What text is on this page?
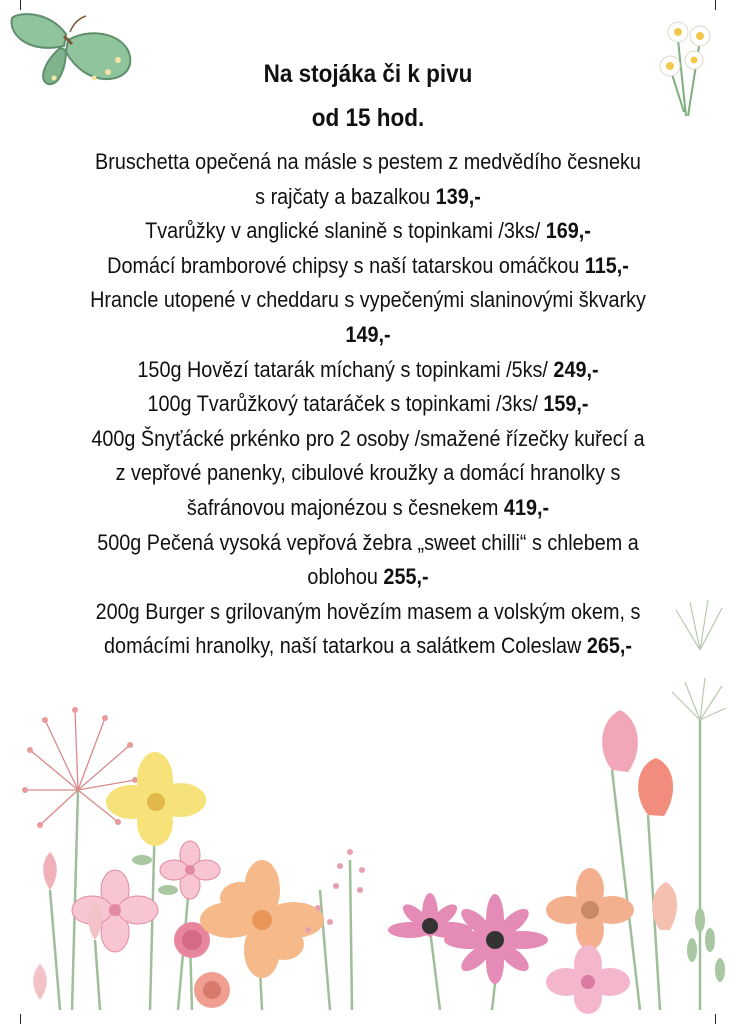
Na stojáka či k pivu
od 15 hod.
Bruschetta opečená na másle s pestem z medvědího česneku
s rajčaty a bazalkou 139,-
Tvarůžky v anglické slanině s topinkami /3ks/ 169,-
Domácí bramborové chipsy s naší tatarskou omáčkou 115,-
Hrancle utopené v cheddaru s vypečenými slaninovými škvarky
149,-
150g Hovězí tatarák míchaný s topinkami /5ks/ 249,-
100g Tvarůžkový tataráček s topinkami /3ks/ 159,-
400g Šnyťácké prkénko pro 2 osoby /smažené řízečky kuřecí a
z vepřové panenky, cibulové kroužky a domácí hranolky s
šafránovou majonézou s česnekem 419,-
500g Pečená vysoká vepřová žebra „sweet chilli“ s chlebem a
oblohou 255,-
200g Burger s grilovaným hovězím masem a volským okem, s
domácími hranolky, naší tatarkou a salátkem Coleslaw 265,-
